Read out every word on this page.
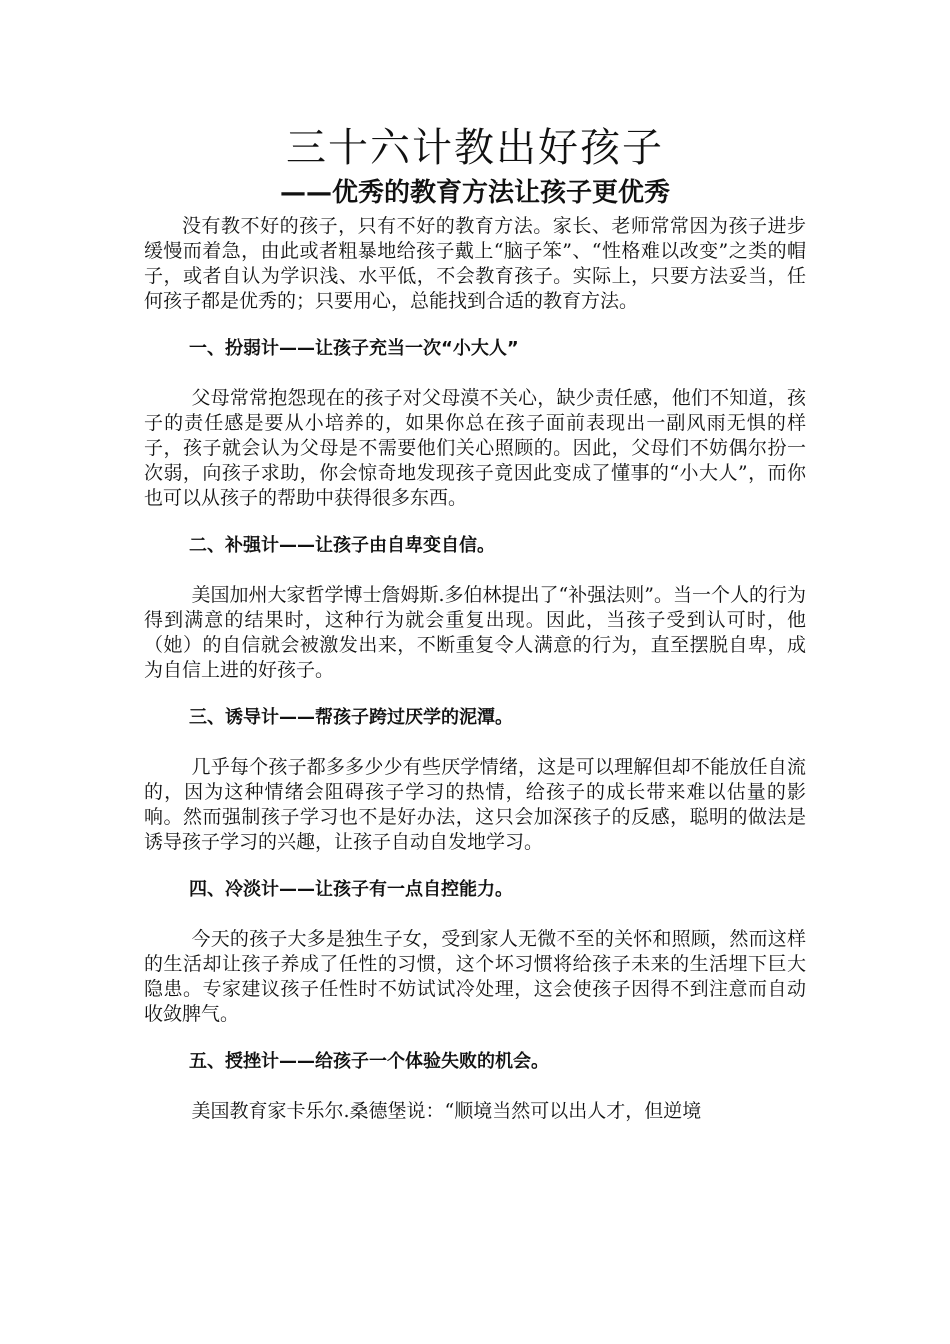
三十六计教出好孩子
——优秀的教育方法让孩子更优秀

没有教不好的孩子，只有不好的教育方法。家长、老师常常因为孩子进步缓慢而着急，由此或者粗暴地给孩子戴上“脑子笨”、“性格难以改变”之类的帽子，或者自认为学识浅、水平低，不会教育孩子。实际上，只要方法妥当，任何孩子都是优秀的；只要用心，总能找到合适的教育方法。

一、扮弱计——让孩子充当一次“小大人”

父母常常抱怨现在的孩子对父母漠不关心，缺少责任感，他们不知道，孩子的责任感是要从小培养的，如果你总在孩子面前表现出一副风雨无惧的样子，孩子就会认为父母是不需要他们关心照顾的。因此，父母们不妨偶尔扮一次弱，向孩子求助，你会惊奇地发现孩子竟因此变成了懂事的“小大人”，而你也可以从孩子的帮助中获得很多东西。

二、补强计——让孩子由自卑变自信。

美国加州大家哲学博士詹姆斯.多伯林提出了“补强法则”。当一个人的行为得到满意的结果时，这种行为就会重复出现。因此，当孩子受到认可时，他（她）的自信就会被激发出来，不断重复令人满意的行为，直至摆脱自卑，成为自信上进的好孩子。

三、诱导计——帮孩子跨过厌学的泥潭。

几乎每个孩子都多多少少有些厌学情绪，这是可以理解但却不能放任自流的，因为这种情绪会阻碍孩子学习的热情，给孩子的成长带来难以估量的影响。然而强制孩子学习也不是好办法，这只会加深孩子的反感，聪明的做法是诱导孩子学习的兴趣，让孩子自动自发地学习。

四、冷淡计——让孩子有一点自控能力。

今天的孩子大多是独生子女，受到家人无微不至的关怀和照顾，然而这样的生活却让孩子养成了任性的习惯，这个坏习惯将给孩子未来的生活埋下巨大隐患。专家建议孩子任性时不妨试试冷处理，这会使孩子因得不到注意而自动收敛脾气。

五、授挫计——给孩子一个体验失败的机会。

美国教育家卡乐尔.桑德堡说：“顺境当然可以出人才，但逆境
